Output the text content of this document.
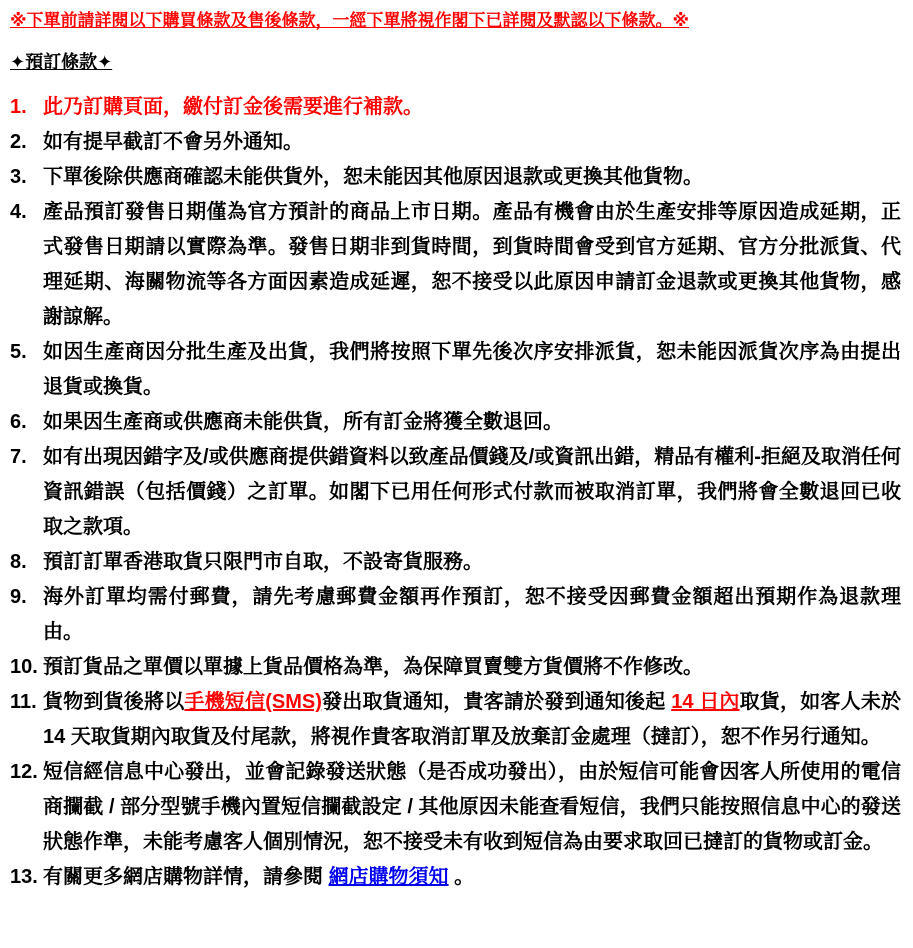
※下單前請詳閱以下購買條款及售後條款，一經下單將視作閣下已詳閱及默認以下條款。※
✦預訂條款✦
1. 此乃訂購頁面，繳付訂金後需要進行補款。
2. 如有提早截訂不會另外通知。
3. 下單後除供應商確認未能供貨外，恕未能因其他原因退款或更換其他貨物。
4. 產品預訂發售日期僅為官方預計的商品上市日期。產品有機會由於生產安排等原因造成延期，正式發售日期請以實際為準。發售日期非到貨時間，到貨時間會受到官方延期、官方分批派貨、代理延期、海關物流等各方面因素造成延遲，恕不接受以此原因申請訂金退款或更換其他貨物，感謝諒解。
5. 如因生產商因分批生產及出貨，我們將按照下單先後次序安排派貨，恕未能因派貨次序為由提出退貨或換貨。
6. 如果因生產商或供應商未能供貨，所有訂金將獲全數退回。
7. 如有出現因錯字及/或供應商提供錯資料以致產品價錢及/或資訊出錯，精品有權利-拒絕及取消任何資訊錯誤（包括價錢）之訂單。如閣下已用任何形式付款而被取消訂單，我們將會全數退回已收取之款項。
8. 預訂訂單香港取貨只限門市自取，不設寄貨服務。
9. 海外訂單均需付郵費，請先考慮郵費金額再作預訂，恕不接受因郵費金額超出預期作為退款理由。
10. 預訂貨品之單價以單據上貨品價格為準，為保障買賣雙方貨價將不作修改。
11. 貨物到貨後將以手機短信(SMS)發出取貨通知，貴客請於發到通知後起 14 日內取貨，如客人未於 14 天取貨期內取貨及付尾款，將視作貴客取消訂單及放棄訂金處理（撻訂），恕不作另行通知。
12. 短信經信息中心發出，並會記錄發送狀態（是否成功發出），由於短信可能會因客人所使用的電信商攔截 / 部分型號手機內置短信攔截設定 / 其他原因未能查看短信，我們只能按照信息中心的發送狀態作準，未能考慮客人個別情況，恕不接受未有收到短信為由要求取回已撻訂的貨物或訂金。
13. 有關更多網店購物詳情，請參閱 網店購物須知 。
